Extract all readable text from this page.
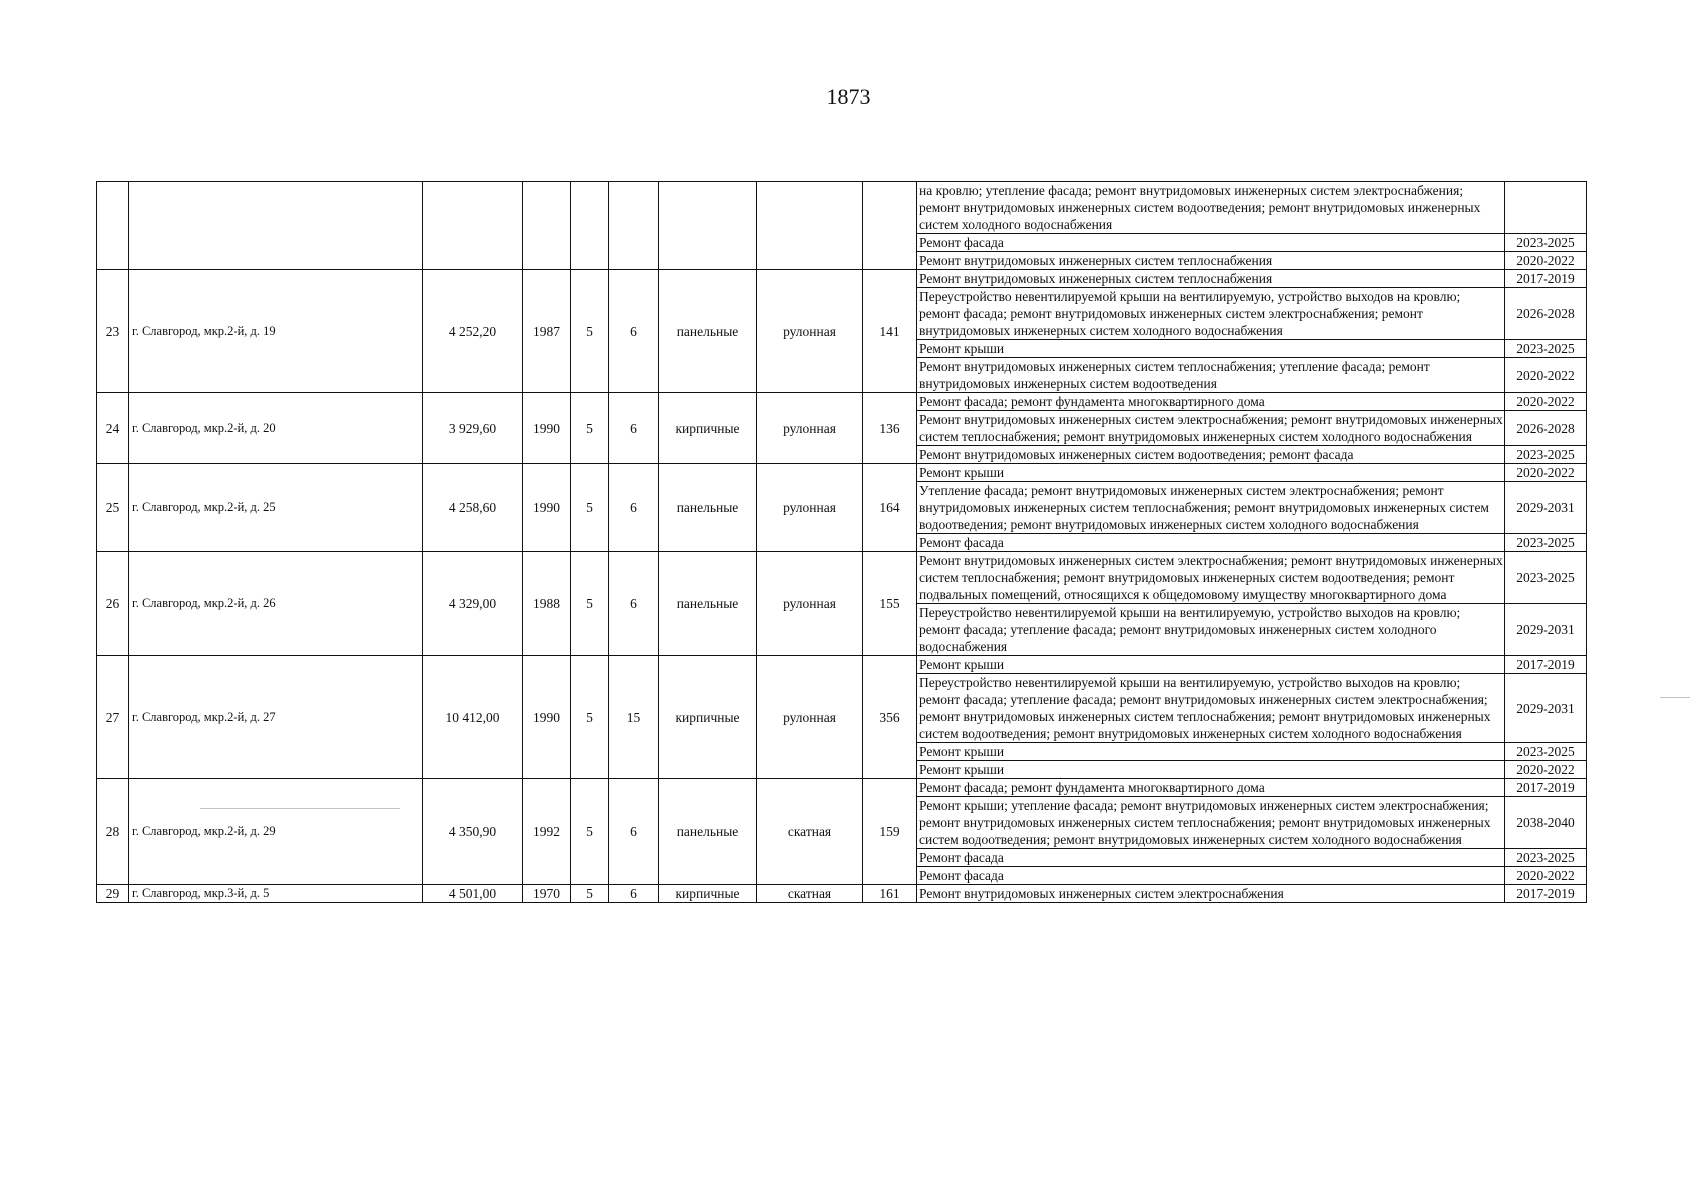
1873
									на кровлю; утепление фасада; ремонт внутридомовых инженерных систем электроснабжения; ремонт внутридомовых инженерных систем водоотведения; ремонт внутридомовых инженерных систем холодного водоснабжения	
									Ремонт фасада	2023-2025
									Ремонт внутридомовых инженерных систем теплоснабжения	2020-2022
23	г. Славгород, мкр.2-й, д. 19	4 252,20	1987	5	6	панельные	рулонная	141	Ремонт внутридомовых инженерных систем теплоснабжения	2017-2019
									Переустройство невентилируемой крыши на вентилируемую, устройство выходов на кровлю; ремонт фасада; ремонт внутридомовых инженерных систем электроснабжения; ремонт внутридомовых инженерных систем холодного водоснабжения	2026-2028
									Ремонт крыши	2023-2025
									Ремонт внутридомовых инженерных систем теплоснабжения; утепление фасада; ремонт внутридомовых инженерных систем водоотведения	2020-2022
24	г. Славгород, мкр.2-й, д. 20	3 929,60	1990	5	6	кирпичные	рулонная	136	Ремонт фасада; ремонт фундамента многоквартирного дома	2020-2022
									Ремонт внутридомовых инженерных систем электроснабжения; ремонт внутридомовых инженерных систем теплоснабжения; ремонт внутридомовых инженерных систем холодного водоснабжения	2026-2028
									Ремонт внутридомовых инженерных систем водоотведения; ремонт фасада	2023-2025
25	г. Славгород, мкр.2-й, д. 25	4 258,60	1990	5	6	панельные	рулонная	164	Ремонт крыши	2020-2022
									Утепление фасада; ремонт внутридомовых инженерных систем электроснабжения; ремонт внутридомовых инженерных систем теплоснабжения; ремонт внутридомовых инженерных систем водоотведения; ремонт внутридомовых инженерных систем холодного водоснабжения	2029-2031
									Ремонт фасада	2023-2025
26	г. Славгород, мкр.2-й, д. 26	4 329,00	1988	5	6	панельные	рулонная	155	Ремонт внутридомовых инженерных систем электроснабжения; ремонт внутридомовых инженерных систем теплоснабжения; ремонт внутридомовых инженерных систем водоотведения; ремонт подвальных помещений, относящихся к общедомовому имуществу многоквартирного дома	2023-2025
									Переустройство невентилируемой крыши на вентилируемую, устройство выходов на кровлю; ремонт фасада; утепление фасада; ремонт внутридомовых инженерных систем холодного водоснабжения	2029-2031
27	г. Славгород, мкр.2-й, д. 27	10 412,00	1990	5	15	кирпичные	рулонная	356	Ремонт крыши	2017-2019
									Переустройство невентилируемой крыши на вентилируемую, устройство выходов на кровлю; ремонт фасада; утепление фасада; ремонт внутридомовых инженерных систем электроснабжения; ремонт внутридомовых инженерных систем теплоснабжения; ремонт внутридомовых инженерных систем водоотведения; ремонт внутридомовых инженерных систем холодного водоснабжения	2029-2031
									Ремонт крыши	2023-2025
									Ремонт крыши	2020-2022
28	г. Славгород, мкр.2-й, д. 29	4 350,90	1992	5	6	панельные	скатная	159	Ремонт фасада; ремонт фундамента многоквартирного дома	2017-2019
									Ремонт крыши; утепление фасада; ремонт внутридомовых инженерных систем электроснабжения; ремонт внутридомовых инженерных систем теплоснабжения; ремонт внутридомовых инженерных систем водоотведения; ремонт внутридомовых инженерных систем холодного водоснабжения	2038-2040
									Ремонт фасада	2023-2025
									Ремонт фасада	2020-2022
29	г. Славгород, мкр.3-й, д. 5	4 501,00	1970	5	6	кирпичные	скатная	161	Ремонт внутридомовых инженерных систем электроснабжения	2017-2019
